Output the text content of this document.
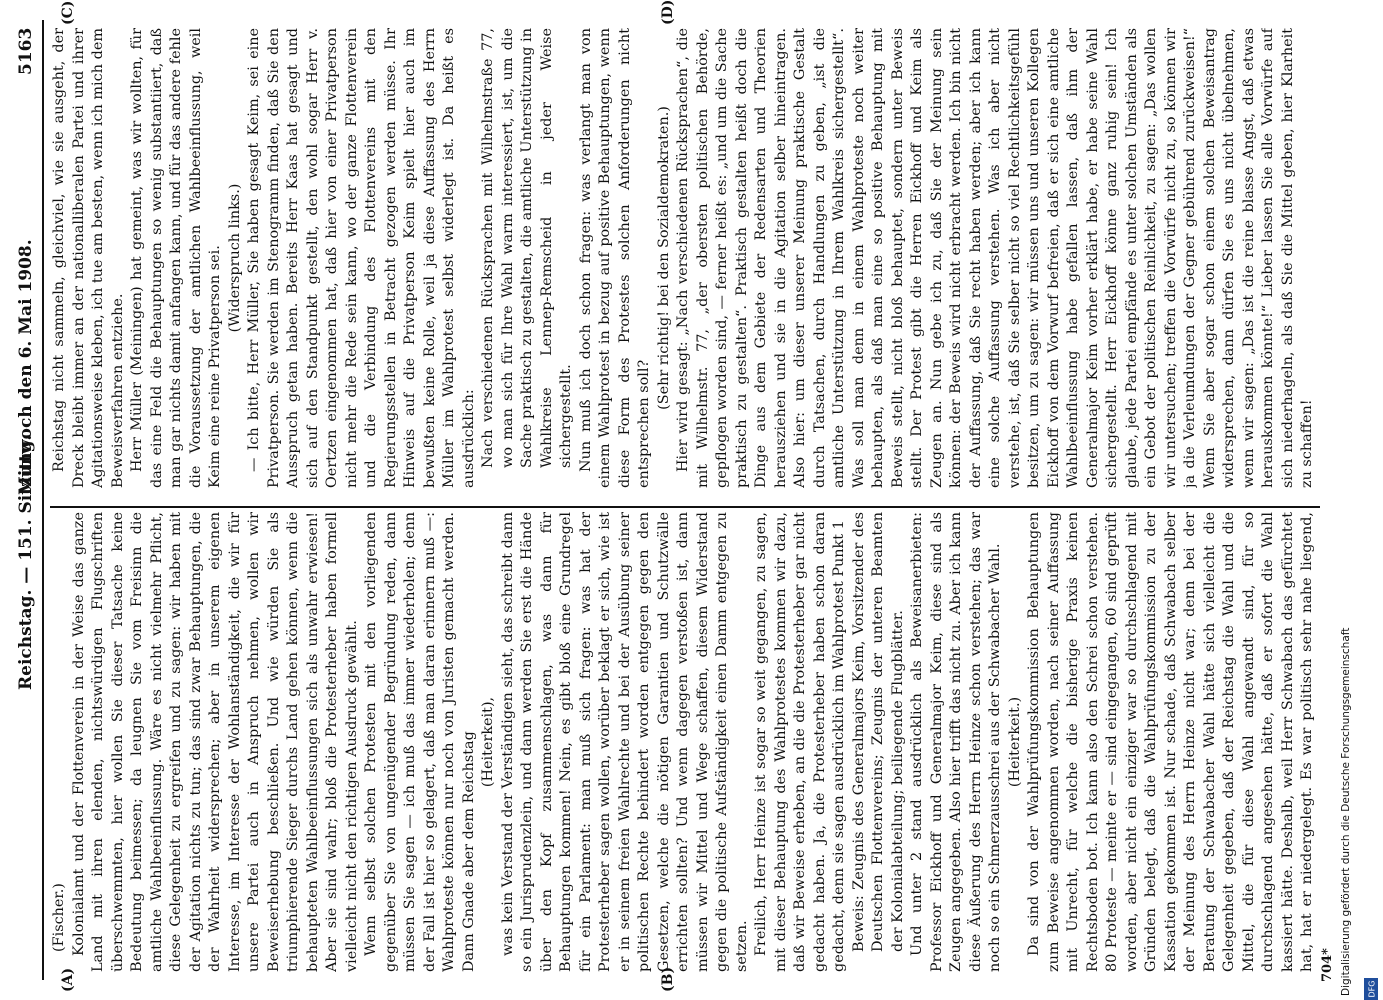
Reichstag. — 151. Sitzung.
Mittwoch den 6. Mai 1908.
5163

(Fischer.) Kolonialamt und der Flottenverein in der Weise das ganze Land mit ihren elenden, nichtswürdigen Flugschriften überschwemmten, hier wollen Sie dieser Tatsache keine Bedeutung beimessen; da leugnen Sie vom Freisinn die amtliche Wahlbeeinflussung. Wäre es nicht vielmehr Pflicht, diese Gelegenheit zu ergreifen und zu sagen: wir haben mit der Agitation nichts zu tun; das sind zwar Behauptungen, die der Wahrheit widersprechen; aber in unserem eigenen Interesse, im Interesse der Wohlanständigkeit, die wir für unsere Partei auch in Anspruch nehmen, wollen wir Beweiserhebung beschließen. Und wie würden Sie als triumphierende Sieger durchs Land gehen können, wenn die behaupteten Wahlbeeinflussungen sich als unwahr erwiesen! Aber sie sind wahr; bloß die Protesterheber haben formell vielleicht nicht den richtigen Ausdruck gewählt. Wenn selbst solchen Protesten mit den vorliegenden gegenüber Sie von ungenügender Begründung reden, dann müssen Sie sagen — ich muß das immer wiederholen; denn der Fall ist hier so gelagert, daß man daran erinnern muß —: Wahlproteste können nur noch von Juristen gemacht werden. Dann Gnade aber dem Reichstag (Heiterkeit), was kein Verstand der Verständigen sieht, das schreibt dann so ein Jurisprudenzlein, und dann werden Sie erst die Hände über den Kopf zusammenschlagen, was dann für Behauptungen kommen! Nein, es gibt bloß eine Grundregel für ein Parlament: man muß sich fragen: was hat der Protesterheber sagen wollen, worüber beklagt er sich, wie ist er in seinem freien Wahlrechte und bei der Ausübung seiner politischen Rechte behindert worden entgegen gegen den Gesetzen, welche die nötigen Garantien und Schutzwälle errichten sollten? Und wenn dagegen verstoßen ist, dann müssen wir Mittel und Wege schaffen, diesem Widerstand gegen die politische Aufständigkeit einen Damm entgegen zu setzen. Freilich, Herr Heinze ist sogar so weit gegangen, zu sagen, mit dieser Behauptung des Wahlprotestes kommen wir dazu, daß wir Beweise erheben, an die die Protesterheber gar nicht gedacht haben. Ja, die Protesterheber haben schon daran gedacht, denn sie sagen ausdrücklich im Wahlprotest Punkt 1 Beweis: Zeugnis des Generalmajors Keim, Vorsitzender des Deutschen Flottenvereins; Zeugnis der unteren Beamten der Kolonialabteilung; beiliegende Flugblätter. Und unter 2 stand ausdrücklich als Beweisanerbieten: Professor Eickhoff und Generalmajor Keim, diese sind als Zeugen angegeben. Also hier trifft das nicht zu. Aber ich kann diese Äußerung des Herrn Heinze schon verstehen; das war noch so ein Schmerzausschrei aus der Schwabacher Wahl. (Heiterkeit.)

Da sind von der Wahlprüfungskommission Behauptungen zum Beweise angenommen worden, nach seiner Auffassung mit Unrecht, für welche die bisherige Praxis keinen Rechtsboden bot. Ich kann also den Schrei schon verstehen. 80 Proteste — meinte er — sind eingegangen, 60 sind geprüft worden, aber nicht ein einziger war so durchschlagend mit Gründen belegt, daß die Wahlprüfungskommission zu der Kassation gekommen ist. Nur schade, daß Schwabach selber der Meinung des Herrn Heinze nicht war; denn bei der Beratung der Schwabacher Wahl hätte sich vielleicht die Gelegenheit gegeben, daß der Reichstag die Wahl und die Mittel, die für diese Wahl angewandt sind, für so durchschlagend angesehen hätte, daß er sofort die Wahl kassiert hätte. Deshalb, weil Herr Schwabach das gefürchtet hat, hat er niedergelegt. Es war politisch sehr nahe liegend,

Reichstag nicht sammeln, gleichviel, wie sie ausgeht, der Dreck bleibt immer an der nationalliberalen Partei und ihrer Agitationsweise kleben, ich tue am besten, wenn ich mich dem Beweisverfahren entziehe. Herr Müller (Meiningen) hat gemeint, was wir wollten, für das eine Feld die Behauptungen so wenig substantiiert, daß man gar nichts damit anfangen kann, und für das andere fehle die Voraussetzung der amtlichen Wahlbeeinflussung, weil Keim eine reine Privatperson sei. (Widerspruch links.) — Ich bitte, Herr Müller, Sie haben gesagt Keim, sei eine Privatperson. Sie werden im Stenogramm finden, daß Sie den Ausspruch getan haben. Bereits Herr Kaas hat gesagt und sich auf den Standpunkt gestellt, den wohl sogar Herr v. Oertzen eingenommen hat, daß hier von einer Privatperson nicht mehr die Rede sein kann, wo der ganze Flottenverein und die Verbindung des Flottenvereins mit den Regierungsstellen in Betracht gezogen werden müsse. Ihr Hinweis auf die Privatperson Keim spielt hier auch im bewußten keine Rolle, weil ja diese Auffassung des Herrn Müller im Wahlprotest selbst widerlegt ist. Da heißt es ausdrücklich: Nach verschiedenen Rücksprachen mit Wilhelmstraße 77, wo man sich für Ihre Wahl warm interessiert, ist, um die Sache praktisch zu gestalten, die amtliche Unterstützung in Wahlkreise Lennep-Remscheid in jeder Weise sichergestellt. Nun muß ich doch schon fragen: was verlangt man von einem Wahlprotest in bezug auf positive Behauptungen, wenn diese Form des Protestes solchen Anforderungen nicht entsprechen soll?

(Sehr richtig! bei den Sozialdemokraten.) Hier wird gesagt: „Nach verschiedenen Rücksprachen“, die mit Wilhelmstr. 77, „der obersten politischen Behörde, gepflogen worden sind, — ferner heißt es: „und um die Sache praktisch zu gestalten“. Praktisch gestalten heißt doch die Dinge aus dem Gebiete der Redensarten und Theorien herausziehen und sie in die Agitation selber hineintragen. Also hier: um dieser unserer Meinung praktische Gestalt durch Tatsachen, durch Handlungen zu geben, „ist die amtliche Unterstützung in Ihrem Wahlkreis sichergestellt“. Was soll man denn in einem Wahlproteste noch weiter behaupten, als daß man eine so positive Behauptung mit Beweis stellt, nicht bloß behauptet, sondern unter Beweis stellt. Der Protest gibt die Herren Eickhoff und Keim als Zeugen an. Nun gebe ich zu, daß Sie der Meinung sein können: der Beweis wird nicht erbracht werden. Ich bin nicht der Auffassung, daß Sie recht haben werden; aber ich kann eine solche Auffassung verstehen. Was ich aber nicht verstehe, ist, daß Sie selber nicht so viel Rechtlichkeitsgefühl besitzen, um zu sagen: wir müssen uns und unseren Kollegen Eickhoff von dem Vorwurf befreien, daß er sich eine amtliche Wahlbeeinflussung habe gefallen lassen, daß ihm der Generalmajor Keim vorher erklärt habe, er habe seine Wahl sichergestellt. Herr Eickhoff könne ganz ruhig sein! Ich glaube, jede Partei empfände es unter solchen Umständen als ein Gebot der politischen Reinlichkeit, zu sagen: „Das wollen wir untersuchen; treffen die Vorwürfe nicht zu, so können wir ja die Verleumdungen der Gegner gebührend zurückweisen!“ Wenn Sie aber sogar schon einem solchen Beweisantrag widersprechen, dann dürfen Sie es uns nicht übelnehmen, wenn wir sagen: „Das ist die reine blasse Angst, daß etwas herauskommen könnte!“ Lieber lassen Sie alle Vorwürfe auf sich niederhageln, als daß Sie die Mittel geben, hier Klarheit zu schaffen!

(A)	(B)
(C)	(D)
704* Digitalisierung gefördert durch die Deutsche Forschungsgemeinschaft DFG
